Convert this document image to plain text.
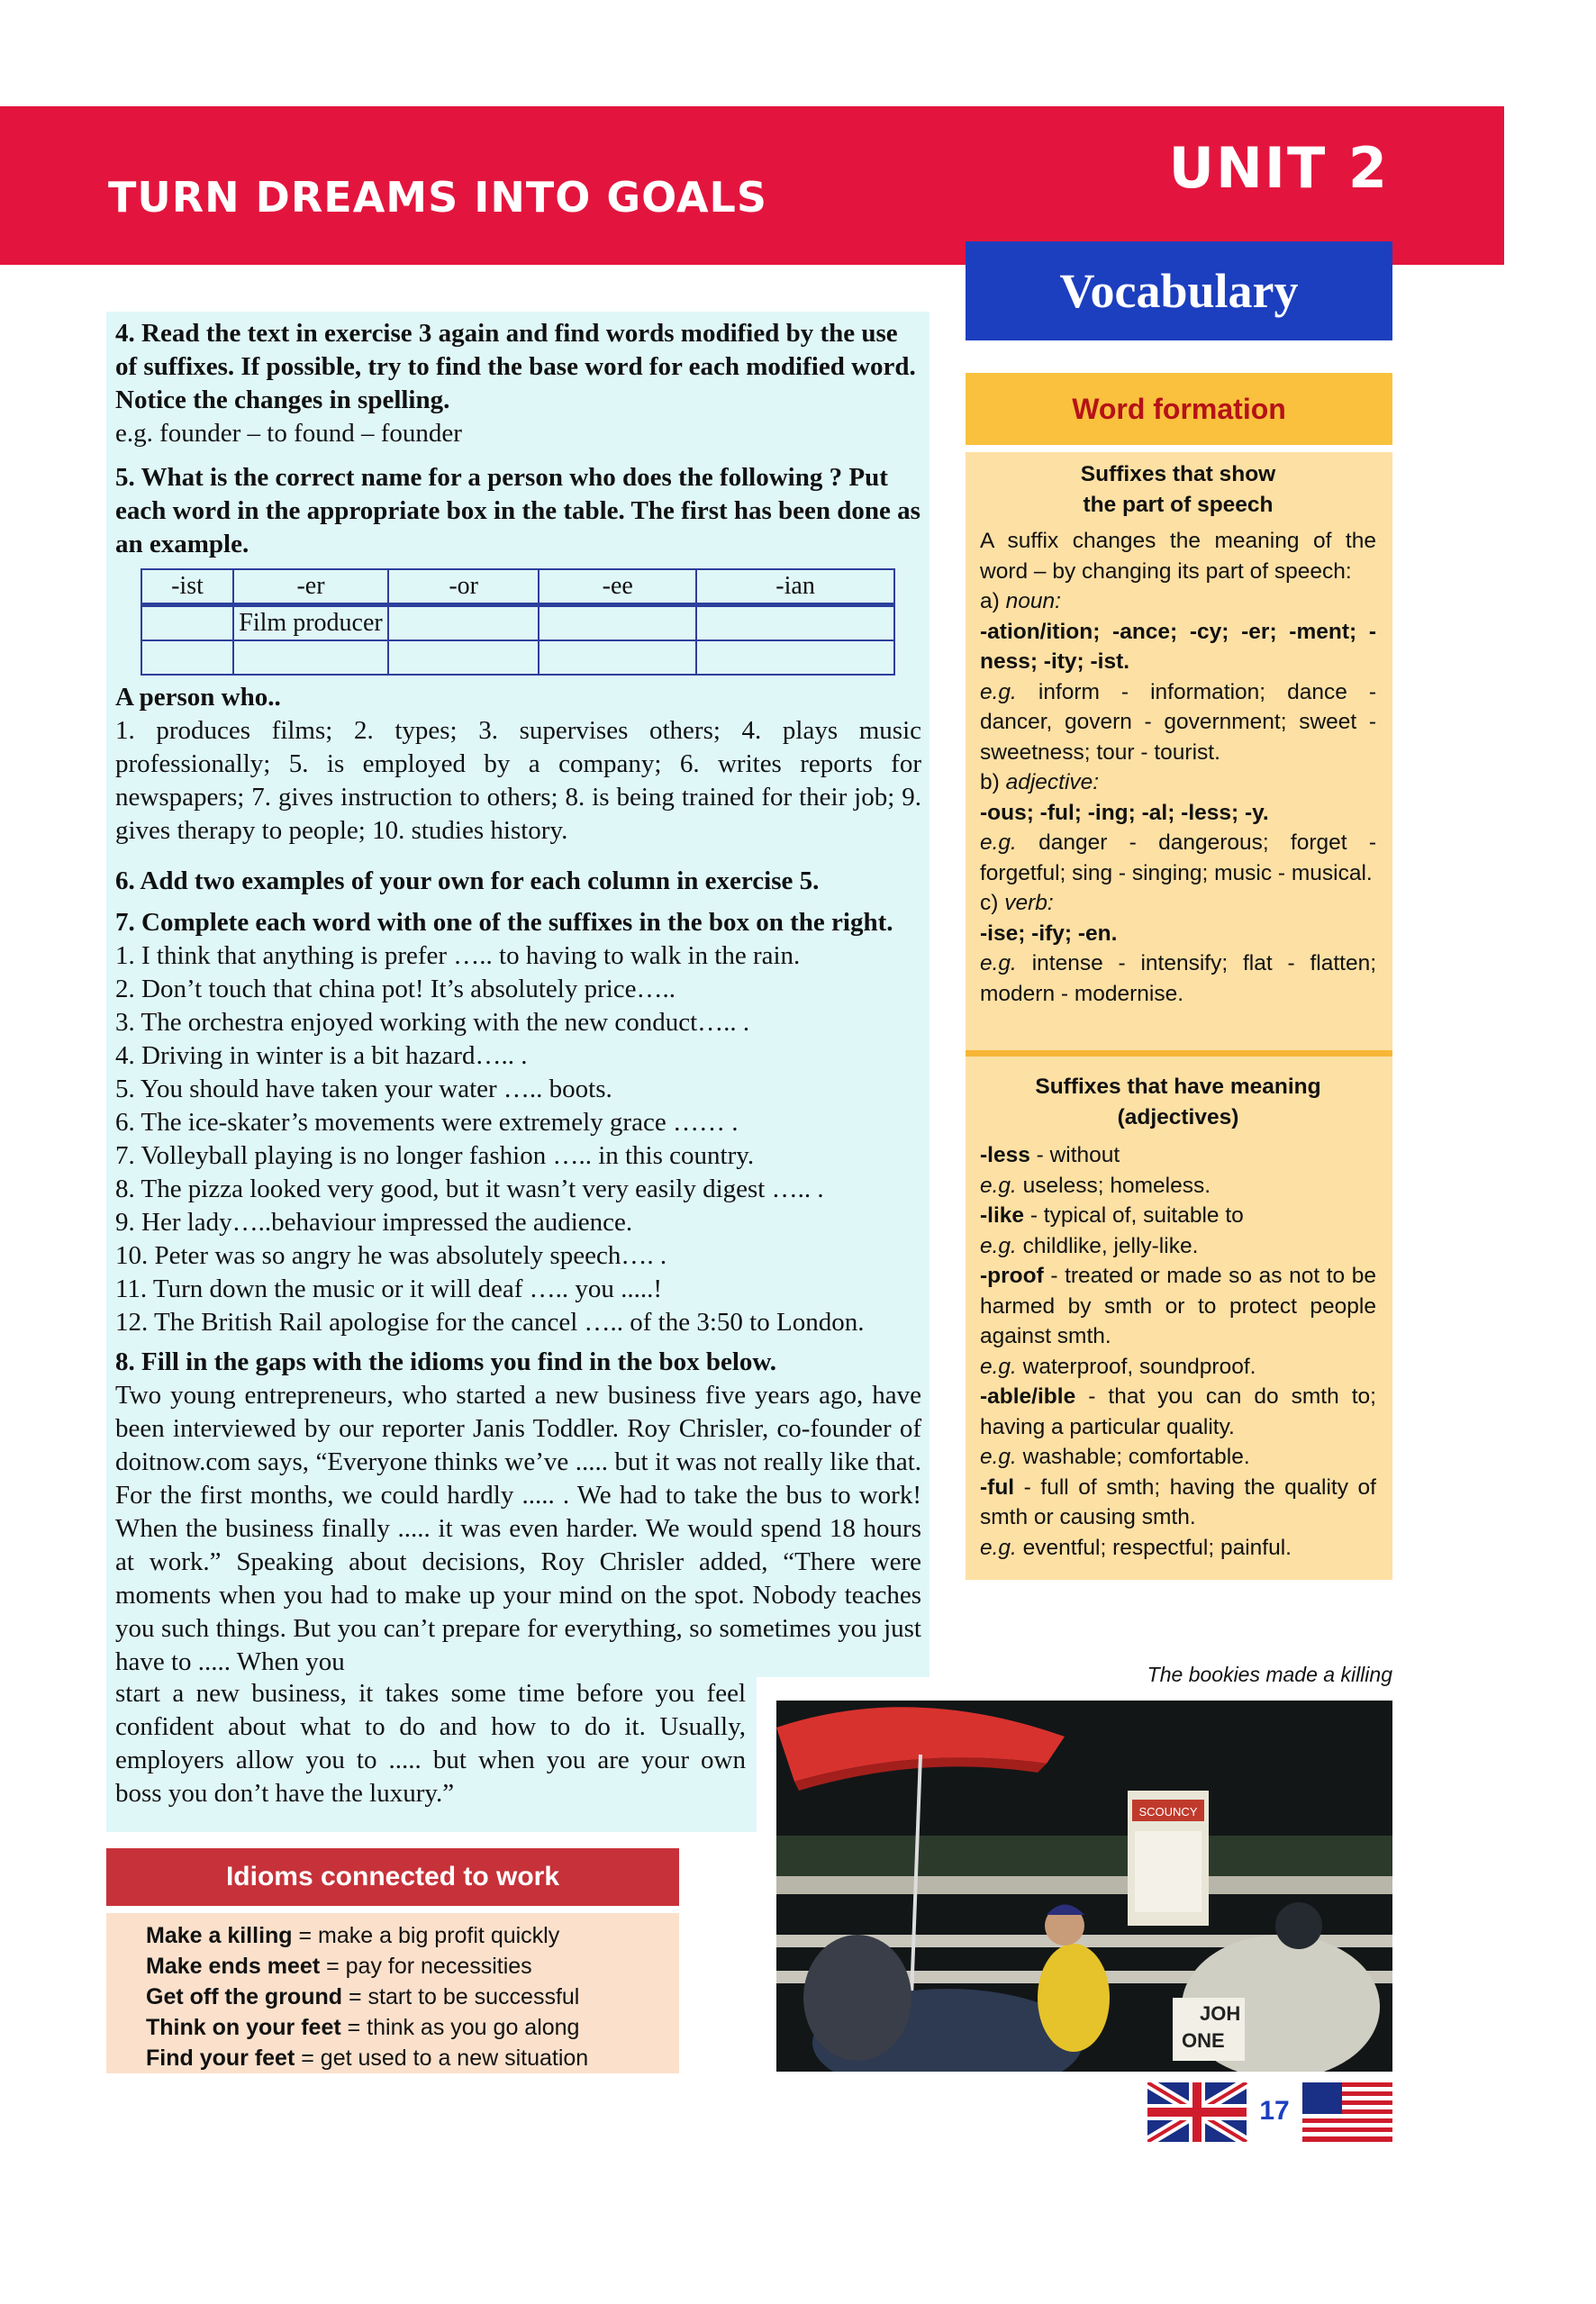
UNIT 2
TURN DREAMS INTO GOALS
Vocabulary
4. Read the text in exercise 3 again and find words modified by the use of suffixes. If possible, try to find the base word for each modified word. Notice the changes in spelling.
e.g. founder – to found – founder
5. What is the correct name for a person who does the following ? Put each word in the appropriate box in the table. The first has been done as an example.
-ist	-er	-or	-ee	-ian
	Film producer			

A person who..
1. produces films; 2. types; 3. supervises others; 4. plays music professionally; 5. is employed by a company; 6. writes reports for newspapers; 7. gives instruction to others; 8. is being trained for their job; 9. gives therapy to people; 10. studies history.
6. Add two examples of your own for each column in exercise 5.
7. Complete each word with one of the suffixes in the box on the right.
1. I think that anything is prefer ….. to having to walk in the rain.
2. Don’t touch that china pot! It’s absolutely price…..
3. The orchestra enjoyed working with the new conduct….. .
4. Driving in winter is a bit hazard….. .
5. You should have taken your water ….. boots.
6. The ice-skater’s movements were extremely grace …… .
7. Volleyball playing is no longer fashion ….. in this country.
8. The pizza looked very good, but it wasn’t very easily digest ….. .
9. Her lady…..behaviour impressed the audience.
10. Peter was so angry he was absolutely speech…. .
11. Turn down the music or it will deaf ….. you .....!
12. The British Rail apologise for the cancel ….. of the 3:50 to London.
8. Fill in the gaps with the idioms you find in the box below.
Two young entrepreneurs, who started a new business five years ago, have been interviewed by our reporter Janis Toddler. Roy Chrisler, co-founder of doitnow.com says, “Everyone thinks we’ve ..... but it was not really like that. For the first months, we could hardly ..... . We had to take the bus to work! When the business finally ..... it was even harder. We would spend 18 hours at work.” Speaking about decisions, Roy Chrisler added, “There were moments when you had to make up your mind on the spot. Nobody teaches you such things. But you can’t prepare for everything, so sometimes you just have to ..... When you
start a new business, it takes some time before you feel confident about what to do and how to do it. Usually, employers allow you to ..... but when you are your own boss you don’t have the luxury.”
Idioms connected to work
Make a killing = make a big profit quickly
Make ends meet = pay for necessities
Get off the ground = start to be successful
Think on your feet = think as you go along
Find your feet = get used to a new situation
Word formation
Suffixes that show
the part of speech
A suffix changes the meaning of the word – by changing its part of speech:
a) noun:
-ation/ition; -ance; -cy; -er; -ment; -ness; -ity; -ist.
e.g. inform - information; dance - dancer, govern - government; sweet - sweetness; tour - tourist.
b) adjective:
-ous; -ful; -ing; -al; -less; -y.
e.g. danger - dangerous; forget - forgetful; sing - singing; music - musical.
c) verb:
-ise; -ify; -en.
e.g. intense - intensify; flat - flatten; modern - modernise.
Suffixes that have meaning
(adjectives)
-less - without
e.g. useless; homeless.
-like - typical of, suitable to
e.g. childlike, jelly-like.
-proof - treated or made so as not to be harmed by smth or to protect people against smth.
e.g. waterproof, soundproof.
-able/ible - that you can do smth to; having a particular quality.
e.g. washable; comfortable.
-ful - full of smth; having the quality of smth or causing smth.
e.g. eventful; respectful; painful.
The bookies made a killing
SCOUNCY
JOH
ONE
17
